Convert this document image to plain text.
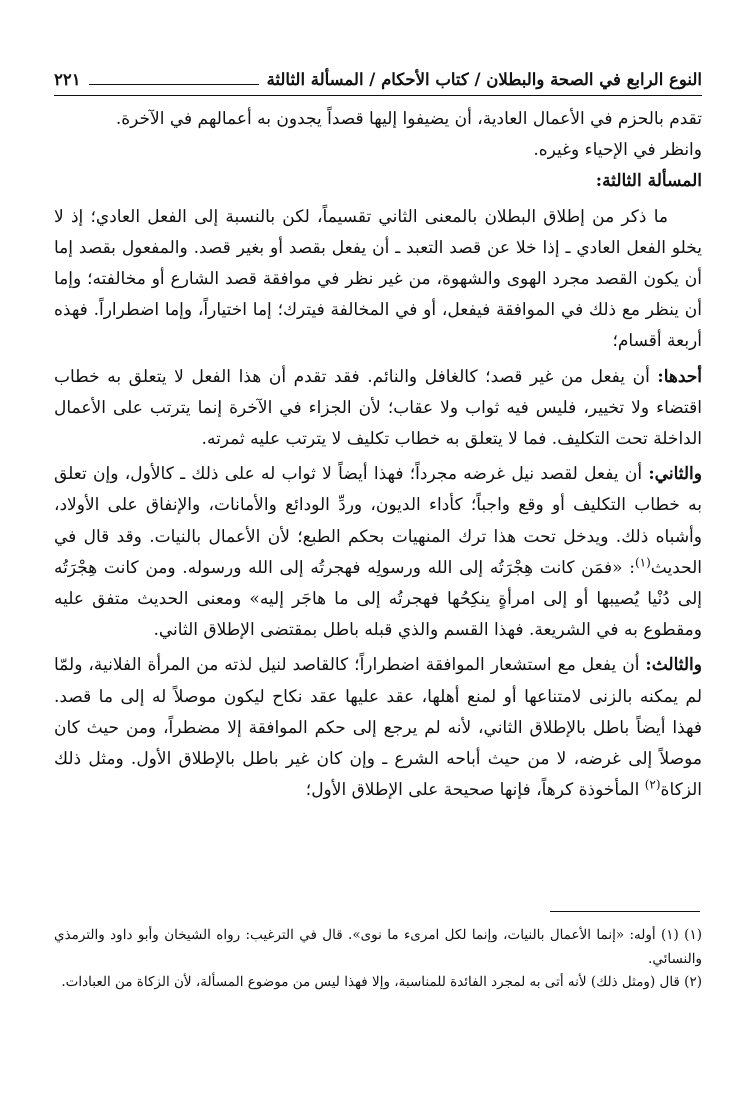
النوع الرابع في الصحة والبطلان / كتاب الأحكام / المسألة الثالثة
٢٢١

تقدم بالحزم في الأعمال العادية، أن يضيفوا إليها قصداً يجدون به أعمالهم في الآخرة.

وانظر في الإحياء وغيره.

المسألة الثالثة:

ما ذكر من إطلاق البطلان بالمعنى الثاني تقسيماً، لكن بالنسبة إلى الفعل العادي؛ إذ لا يخلو الفعل العادي ـ إذا خلا عن قصد التعبد ـ أن يفعل بقصد أو بغير قصد. والمفعول بقصد إما أن يكون القصد مجرد الهوى والشهوة، من غير نظر في موافقة قصد الشارع أو مخالفته؛ وإما أن ينظر مع ذلك في الموافقة فيفعل، أو في المخالفة فيترك؛ إما اختياراً، وإما اضطراراً. فهذه أربعة أقسام؛

أحدها: أن يفعل من غير قصد؛ كالغافل والنائم. فقد تقدم أن هذا الفعل لا يتعلق به خطاب اقتضاء ولا تخيير، فليس فيه ثواب ولا عقاب؛ لأن الجزاء في الآخرة إنما يترتب على الأعمال الداخلة تحت التكليف. فما لا يتعلق به خطاب تكليف لا يترتب عليه ثمرته.

والثاني: أن يفعل لقصد نيل غرضه مجرداً؛ فهذا أيضاً لا ثواب له على ذلك ـ كالأول، وإن تعلق به خطاب التكليف أو وقع واجباً؛ كأداء الديون، وردِّ الودائع والأمانات، والإنفاق على الأولاد، وأشباه ذلك. ويدخل تحت هذا ترك المنهيات بحكم الطبع؛ لأن الأعمال بالنيات. وقد قال في الحديث$^{(١)}$: «فمَن كانت هِجْرَتُه إلى الله ورسولِه فهجرتُه إلى الله ورسوله. ومن كانت هِجْرَتُه إلى دُنْيا يُصيبها أو إلى امرأةٍ ينكِحُها فهجرتُه إلى ما هاجَر إليه» ومعنى الحديث متفق عليه ومقطوع به في الشريعة. فهذا القسم والذي قبله باطل بمقتضى الإطلاق الثاني.

والثالث: أن يفعل مع استشعار الموافقة اضطراراً؛ كالقاصد لنيل لذته من المرأة الفلانية، ولمّا لم يمكنه بالزنى لامتناعها أو لمنع أهلها، عقد عليها عقد نكاح ليكون موصلاً له إلى ما قصد. فهذا أيضاً باطل بالإطلاق الثاني، لأنه لم يرجع إلى حكم الموافقة إلا مضطراً، ومن حيث كان موصلاً إلى غرضه، لا من حيث أباحه الشرع ـ وإن كان غير باطل بالإطلاق الأول. ومثل ذلك الزكاة$^{(٢)}$ المأخوذة كرهاً، فإنها صحيحة على الإطلاق الأول؛

(١) (١) أوله: «إنما الأعمال بالنيات، وإنما لكل امرىء ما نوى». قال في الترغيب: رواه الشيخان وأبو داود والترمذي والنسائي.

(٢) قال (ومثل ذلك) لأنه أتى به لمجرد الفائدة للمناسبة، وإلا فهذا ليس من موضوع المسألة، لأن الزكاة من العبادات.
